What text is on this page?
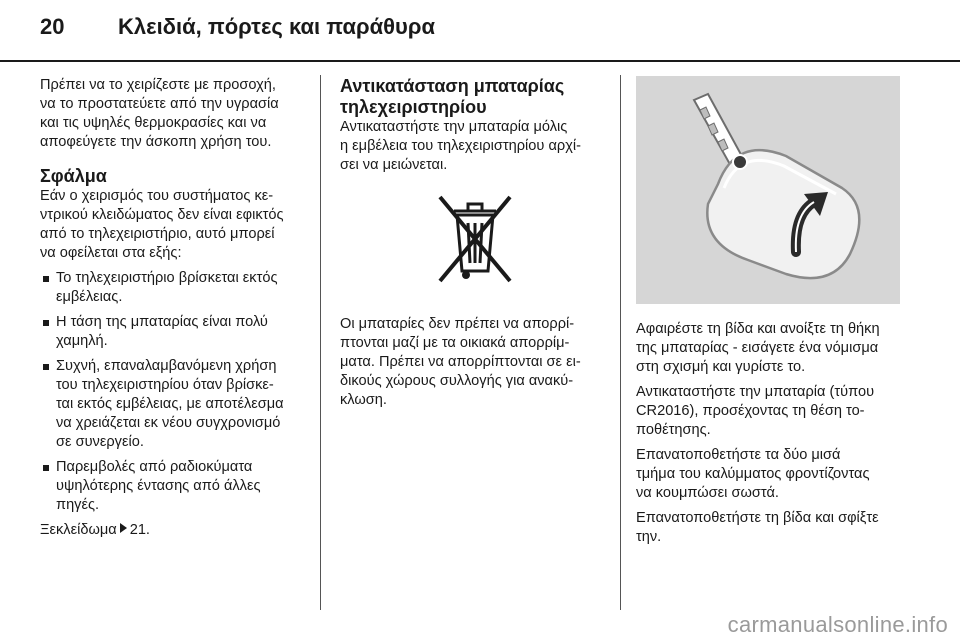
20 Κλειδιά, πόρτες και παράθυρα

Πρέπει να το χειρίζεστε με προσοχή,
να το προστατεύετε από την υγρασία
και τις υψηλές θερμοκρασίες και να
αποφεύγετε την άσκοπη χρήση του.

Σφάλμα

Εάν ο χειρισμός του συστήματος κε-
ντρικού κλειδώματος δεν είναι εφικτός
από το τηλεχειριστήριο, αυτό μπορεί
να οφείλεται στα εξής:

Το τηλεχειριστήριο βρίσκεται εκτός
εμβέλειας.
Η τάση της μπαταρίας είναι πολύ
χαμηλή.
Συχνή, επαναλαμβανόμενη χρήση
του τηλεχειριστηρίου όταν βρίσκε-
ται εκτός εμβέλειας, με αποτέλεσμα
να χρειάζεται εκ νέου συγχρονισμό
σε συνεργείο.
Παρεμβολές από ραδιοκύματα
υψηλότερης έντασης από άλλες
πηγές.

Ξεκλείδωμα 21.

Αντικατάσταση μπαταρίας
τηλεχειριστηρίου

Αντικαταστήστε την μπαταρία μόλις
η εμβέλεια του τηλεχειριστηρίου αρχί-
σει να μειώνεται.

Οι μπαταρίες δεν πρέπει να απορρί-
πτονται μαζί με τα οικιακά απορρίμ-
ματα. Πρέπει να απορρίπτονται σε ει-
δικούς χώρους συλλογής για ανακύ-
κλωση.

Αφαιρέστε τη βίδα και ανοίξτε τη θήκη
της μπαταρίας - εισάγετε ένα νόμισμα
στη σχισμή και γυρίστε το.

Αντικαταστήστε την μπαταρία (τύπου
CR2016), προσέχοντας τη θέση το-
ποθέτησης.

Επανατοποθετήστε τα δύο μισά
τμήμα του καλύμματος φροντίζοντας
να κουμπώσει σωστά.

Επανατοποθετήστε τη βίδα και σφίξτε
την.

carmanualsonline.info
